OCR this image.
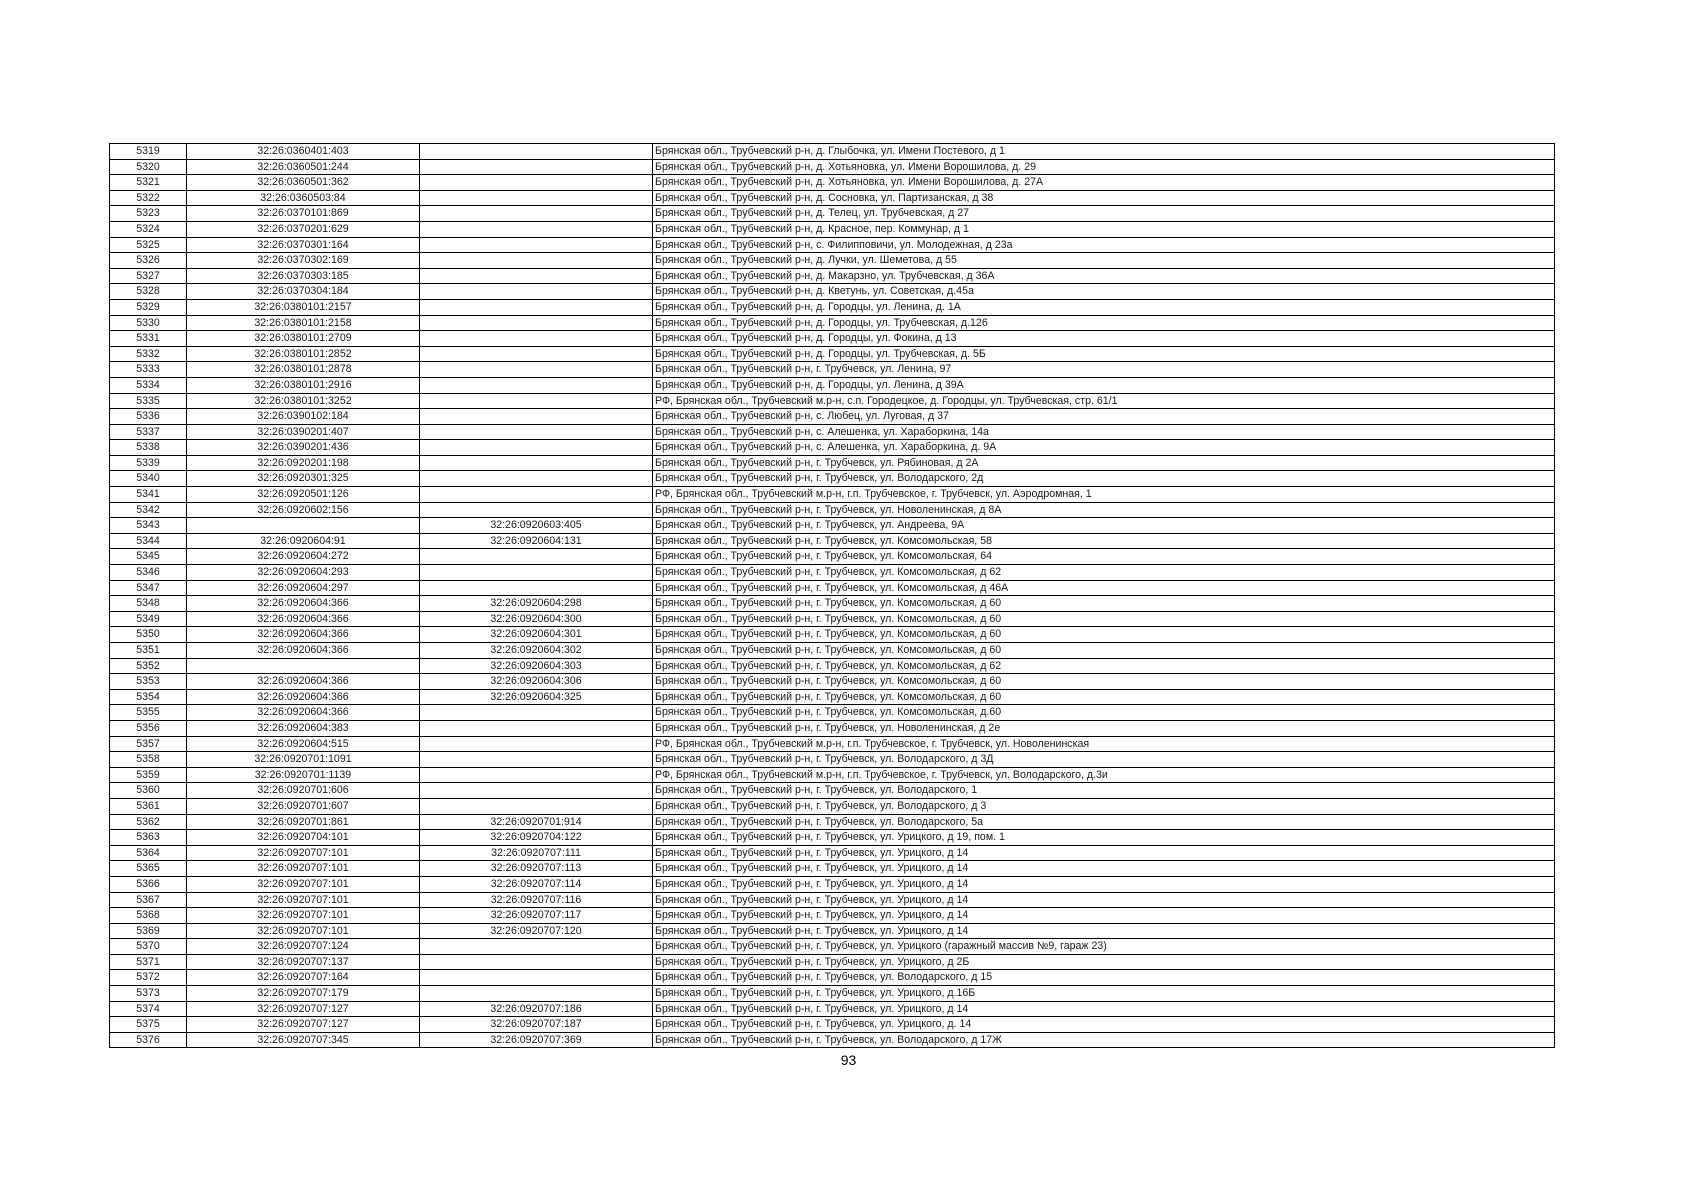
5319	32:26:0360401:403		Брянская обл., Трубчевский р-н, д. Глыбочка, ул. Имени Постевого, д 1
5320	32:26:0360501:244		Брянская обл., Трубчевский р-н, д. Хотьяновка, ул. Имени Ворошилова, д. 29
5321	32:26:0360501:362		Брянская обл., Трубчевский р-н, д. Хотьяновка, ул. Имени Ворошилова, д. 27А
5322	32:26:0360503:84		Брянская обл., Трубчевский р-н, д. Сосновка, ул. Партизанская, д 38
5323	32:26:0370101:869		Брянская обл., Трубчевский р-н, д. Телец, ул. Трубчевская, д 27
5324	32:26:0370201:629		Брянская обл., Трубчевский р-н, д. Красное, пер. Коммунар, д 1
5325	32:26:0370301:164		Брянская обл., Трубчевский р-н, с. Филипповичи, ул. Молодежная, д 23а
5326	32:26:0370302:169		Брянская обл., Трубчевский р-н, д. Лучки, ул. Шеметова, д 55
5327	32:26:0370303:185		Брянская обл., Трубчевский р-н, д. Макарзно, ул. Трубчевская, д 36А
5328	32:26:0370304:184		Брянская обл., Трубчевский р-н, д. Кветунь, ул. Советская, д.45а
5329	32:26:0380101:2157		Брянская обл., Трубчевский р-н, д. Городцы, ул. Ленина, д. 1А
5330	32:26:0380101:2158		Брянская обл., Трубчевский р-н, д. Городцы, ул. Трубчевская, д.126
5331	32:26:0380101:2709		Брянская обл., Трубчевский р-н, д. Городцы, ул. Фокина, д 13
5332	32:26:0380101:2852		Брянская обл., Трубчевский р-н, д. Городцы, ул. Трубчевская, д. 5Б
5333	32:26:0380101:2878		Брянская обл., Трубчевский р-н, г. Трубчевск, ул. Ленина, 97
5334	32:26:0380101:2916		Брянская обл., Трубчевский р-н, д. Городцы, ул. Ленина, д 39А
5335	32:26:0380101:3252		РФ, Брянская обл., Трубчевский м.р-н, с.п. Городецкое, д. Городцы, ул. Трубчевская, стр. 61/1
5336	32:26:0390102:184		Брянская обл., Трубчевский р-н, с. Любец, ул. Луговая, д 37
5337	32:26:0390201:407		Брянская обл., Трубчевский р-н, с. Алешенка, ул. Хараборкина, 14а
5338	32:26:0390201:436		Брянская обл., Трубчевский р-н, с. Алешенка, ул. Хараборкина, д. 9А
5339	32:26:0920201:198		Брянская обл., Трубчевский р-н, г. Трубчевск, ул. Рябиновая, д 2А
5340	32:26:0920301:325		Брянская обл., Трубчевский р-н, г. Трубчевск, ул. Володарского, 2д
5341	32:26:0920501:126		РФ, Брянская обл., Трубчевский м.р-н, г.п. Трубчевское, г. Трубчевск, ул. Аэродромная, 1
5342	32:26:0920602:156		Брянская обл., Трубчевский р-н, г. Трубчевск, ул. Новоленинская, д 8А
5343		32:26:0920603:405	Брянская обл., Трубчевский р-н, г. Трубчевск, ул. Андреева, 9А
5344	32:26:0920604:91	32:26:0920604:131	Брянская обл., Трубчевский р-н, г. Трубчевск, ул. Комсомольская, 58
5345	32:26:0920604:272		Брянская обл., Трубчевский р-н, г. Трубчевск, ул. Комсомольская, 64
5346	32:26:0920604:293		Брянская обл., Трубчевский р-н, г. Трубчевск, ул. Комсомольская, д 62
5347	32:26:0920604:297		Брянская обл., Трубчевский р-н, г. Трубчевск, ул. Комсомольская, д 46А
5348	32:26:0920604:366	32:26:0920604:298	Брянская обл., Трубчевский р-н, г. Трубчевск, ул. Комсомольская, д 60
5349	32:26:0920604:366	32:26:0920604:300	Брянская обл., Трубчевский р-н, г. Трубчевск, ул. Комсомольская, д 60
5350	32:26:0920604:366	32:26:0920604:301	Брянская обл., Трубчевский р-н, г. Трубчевск, ул. Комсомольская, д 60
5351	32:26:0920604:366	32:26:0920604:302	Брянская обл., Трубчевский р-н, г. Трубчевск, ул. Комсомольская, д 60
5352		32:26:0920604:303	Брянская обл., Трубчевский р-н, г. Трубчевск, ул. Комсомольская, д 62
5353	32:26:0920604:366	32:26:0920604:306	Брянская обл., Трубчевский р-н, г. Трубчевск, ул. Комсомольская, д 60
5354	32:26:0920604:366	32:26:0920604:325	Брянская обл., Трубчевский р-н, г. Трубчевск, ул. Комсомольская, д 60
5355	32:26:0920604:366		Брянская обл., Трубчевский р-н, г. Трубчевск, ул. Комсомольская, д.60
5356	32:26:0920604:383		Брянская обл., Трубчевский р-н, г. Трубчевск, ул. Новоленинская, д 2е
5357	32:26:0920604:515		РФ, Брянская обл., Трубчевский м.р-н, г.п. Трубчевское, г. Трубчевск, ул. Новоленинская
5358	32:26:0920701:1091		Брянская обл., Трубчевский р-н, г. Трубчевск, ул. Володарского, д 3Д
5359	32:26:0920701:1139		РФ, Брянская обл., Трубчевский м.р-н, г.п. Трубчевское, г. Трубчевск, ул. Володарского, д.3и
5360	32:26:0920701:606		Брянская обл., Трубчевский р-н, г. Трубчевск, ул. Володарского, 1
5361	32:26:0920701:607		Брянская обл., Трубчевский р-н, г. Трубчевск, ул. Володарского, д 3
5362	32:26:0920701:861	32:26:0920701:914	Брянская обл., Трубчевский р-н, г. Трубчевск, ул. Володарского, 5а
5363	32:26:0920704:101	32:26:0920704:122	Брянская обл., Трубчевский р-н, г. Трубчевск, ул. Урицкого, д 19, пом. 1
5364	32:26:0920707:101	32:26:0920707:111	Брянская обл., Трубчевский р-н, г. Трубчевск, ул. Урицкого, д 14
5365	32:26:0920707:101	32:26:0920707:113	Брянская обл., Трубчевский р-н, г. Трубчевск, ул. Урицкого, д 14
5366	32:26:0920707:101	32:26:0920707:114	Брянская обл., Трубчевский р-н, г. Трубчевск, ул. Урицкого, д 14
5367	32:26:0920707:101	32:26:0920707:116	Брянская обл., Трубчевский р-н, г. Трубчевск, ул. Урицкого, д 14
5368	32:26:0920707:101	32:26:0920707:117	Брянская обл., Трубчевский р-н, г. Трубчевск, ул. Урицкого, д 14
5369	32:26:0920707:101	32:26:0920707:120	Брянская обл., Трубчевский р-н, г. Трубчевск, ул. Урицкого, д 14
5370	32:26:0920707:124		Брянская обл., Трубчевский р-н, г. Трубчевск, ул. Урицкого (гаражный массив №9, гараж 23)
5371	32:26:0920707:137		Брянская обл., Трубчевский р-н, г. Трубчевск, ул. Урицкого, д 2Б
5372	32:26:0920707:164		Брянская обл., Трубчевский р-н, г. Трубчевск, ул. Володарского, д 15
5373	32:26:0920707:179		Брянская обл., Трубчевский р-н, г. Трубчевск, ул. Урицкого, д.16Б
5374	32:26:0920707:127	32:26:0920707:186	Брянская обл., Трубчевский р-н, г. Трубчевск, ул. Урицкого, д 14
5375	32:26:0920707:127	32:26:0920707:187	Брянская обл., Трубчевский р-н, г. Трубчевск, ул. Урицкого, д. 14
5376	32:26:0920707:345	32:26:0920707:369	Брянская обл., Трубчевский р-н, г. Трубчевск, ул. Володарского, д 17Ж
93
